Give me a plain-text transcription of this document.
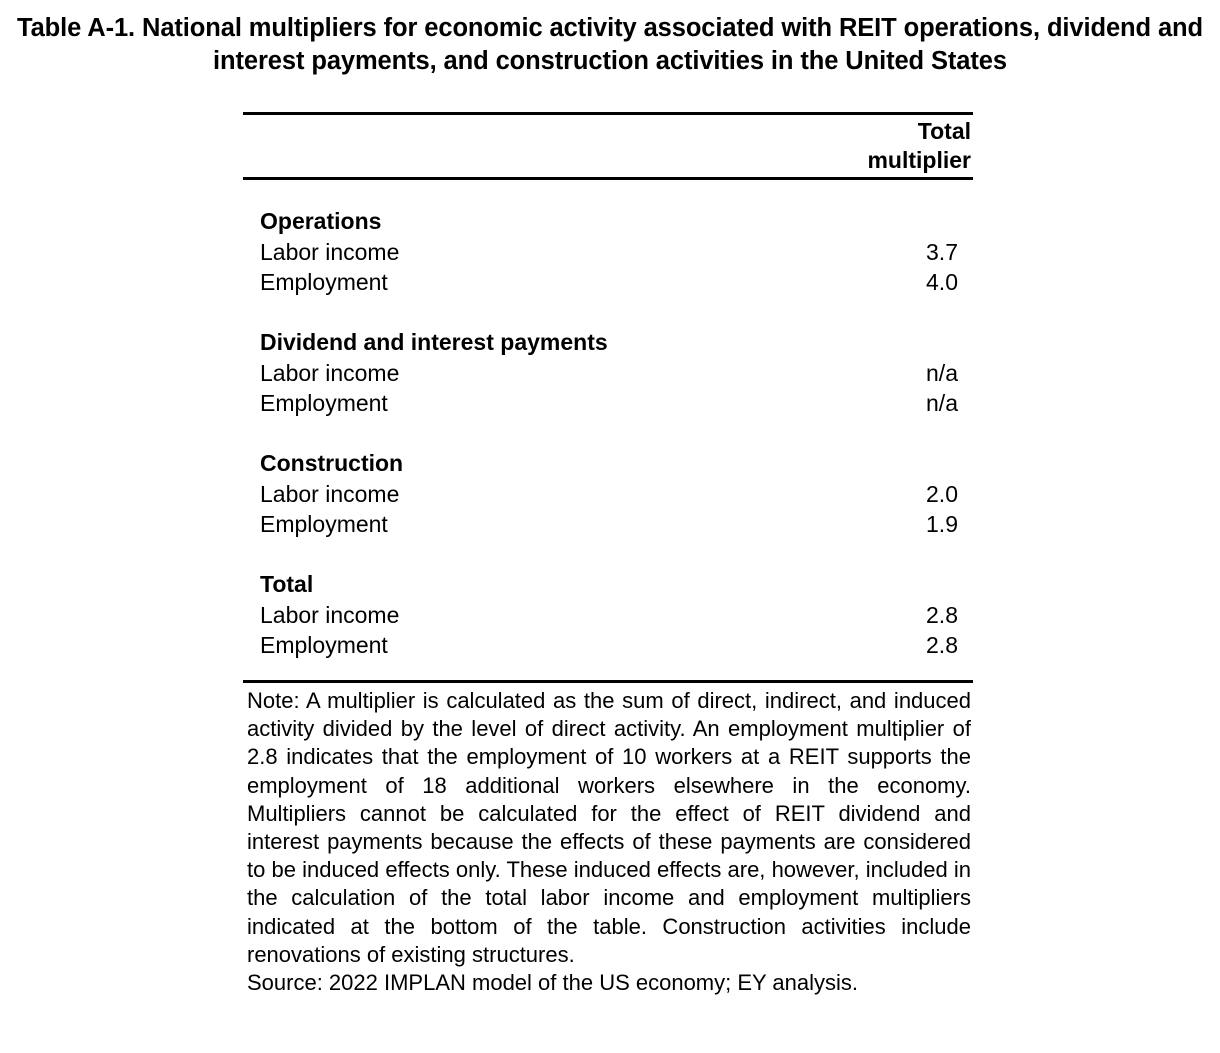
Table A-1. National multipliers for economic activity associated with REIT operations, dividend and interest payments, and construction activities in the United States
Total
multiplier
Operations
Labor income	3.7
Employment	4.0
Dividend and interest payments
Labor income	n/a
Employment	n/a
Construction
Labor income	2.0
Employment	1.9
Total
Labor income	2.8
Employment	2.8

Note: A multiplier is calculated as the sum of direct, indirect, and induced activity divided by the level of direct activity. An employment multiplier of 2.8 indicates that the employment of 10 workers at a REIT supports the employment of 18 additional workers elsewhere in the economy. Multipliers cannot be calculated for the effect of REIT dividend and interest payments because the effects of these payments are considered to be induced effects only. These induced effects are, however, included in the calculation of the total labor income and employment multipliers indicated at the bottom of the table. Construction activities include renovations of existing structures.

Source: 2022 IMPLAN model of the US economy; EY analysis.
